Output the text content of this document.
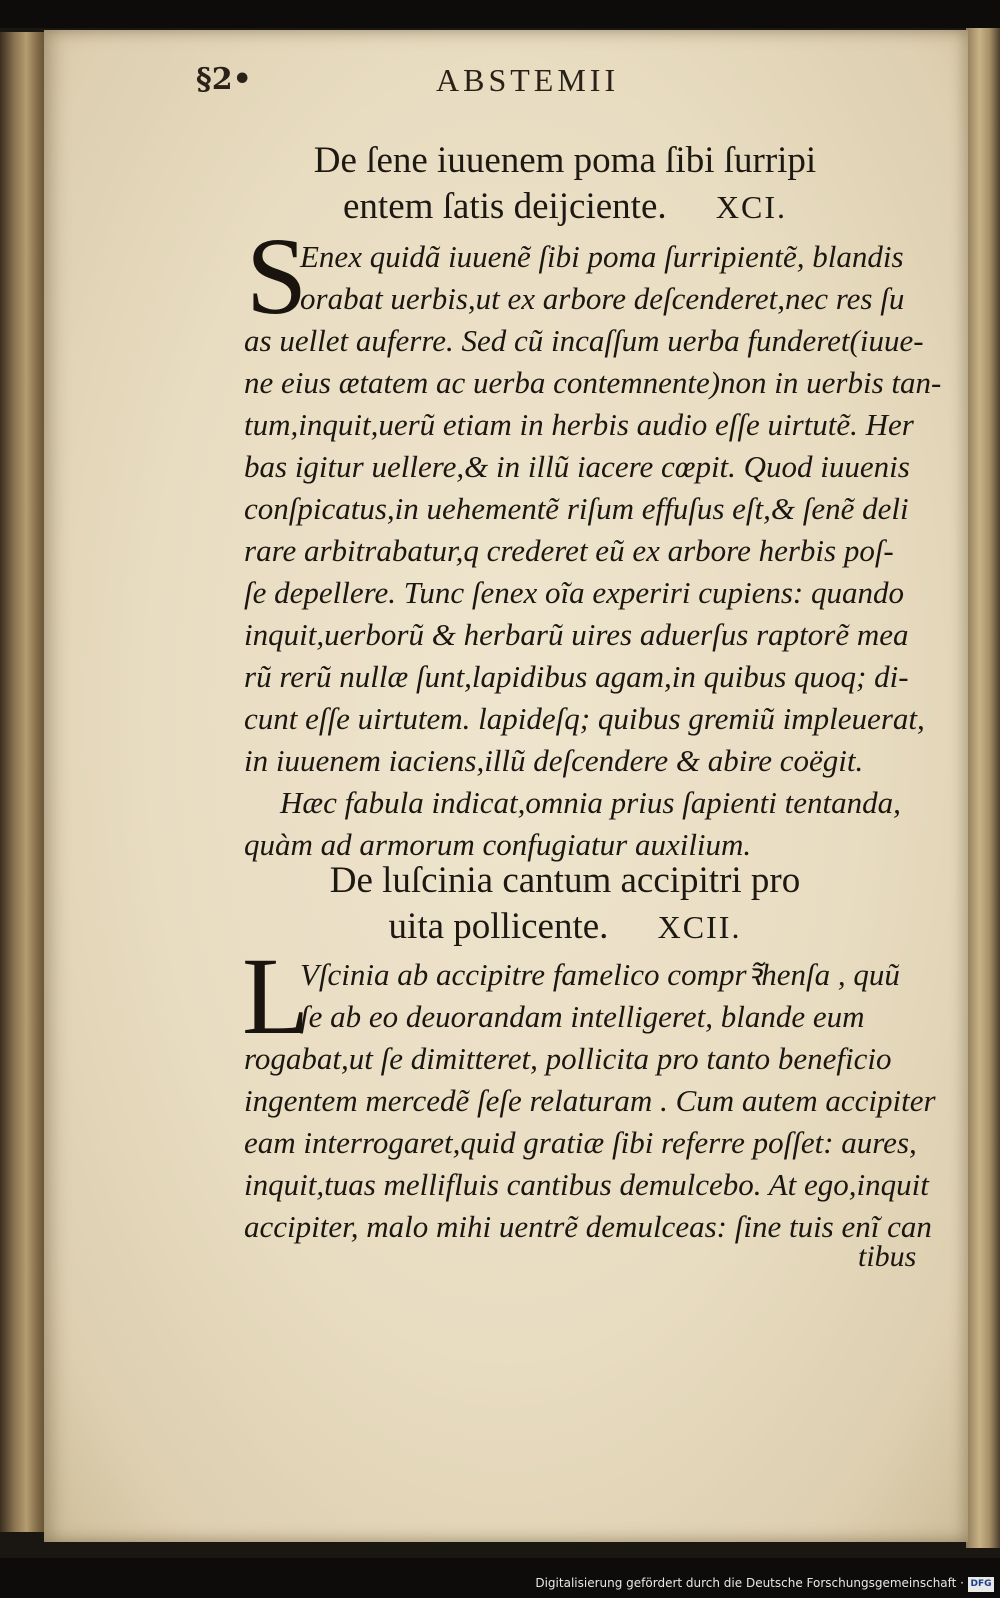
§2•	ABSTEMII
De ſene iuuenem poma ſibi ſurripi
entem ſatis deijciente. XCI.
S
Enex quidã iuuenẽ ſibi poma ſurripientẽ, blandis
orabat uerbis,ut ex arbore deſcenderet,nec res ſu
as uellet auferre. Sed cũ incaſſum uerba funderet(iuue-
ne eius ætatem ac uerba contemnente)non in uerbis tan-
tum,inquit,uerũ etiam in herbis audio eſſe uirtutẽ. Her
bas igitur uellere,& in illũ iacere cœpit. Quod iuuenis
conſpicatus,in uehementẽ riſum effuſus eſt,& ſenẽ deli
rare arbitrabatur,q crederet eũ ex arbore herbis poſ-
ſe depellere. Tunc ſenex oĩa experiri cupiens: quando
inquit,uerborũ & herbarũ uires aduerſus raptorẽ mea
rũ rerũ nullæ ſunt,lapidibus agam,in quibus quoq; di-
cunt eſſe uirtutem. lapideſq; quibus gremiũ impleuerat,
in iuuenem iaciens,illũ deſcendere & abire coëgit.
Hæc fabula indicat,omnia prius ſapienti tentanda,
quàm ad armorum confugiatur auxilium.
De luſcinia cantum accipitri pro
uita pollicente. XCII.
L
Vſcinia ab accipitre famelico comprꝛ̃henſa , quũ
ſe ab eo deuorandam intelligeret, blande eum
rogabat,ut ſe dimitteret, pollicita pro tanto beneficio
ingentem mercedẽ ſeſe relaturam . Cum autem accipiter
eam interrogaret,quid gratiæ ſibi referre poſſet: aures,
inquit,tuas mellifluis cantibus demulcebo. At ego,inquit
accipiter, malo mihi uentrẽ demulceas: ſine tuis enĩ can
tibus
Digitalisierung gefördert durch die Deutsche Forschungsgemeinschaft · DFG
